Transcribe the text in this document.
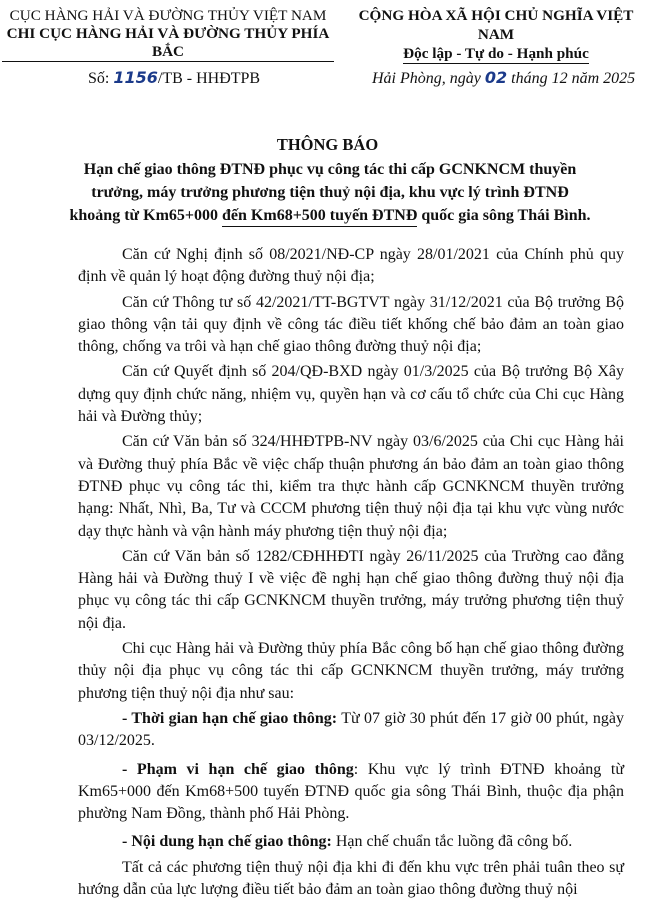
CỤC HÀNG HẢI VÀ ĐƯỜNG THỦY VIỆT NAM
CHI CỤC HÀNG HẢI VÀ ĐƯỜNG THỦY PHÍA BẮC
CỘNG HÒA XÃ HỘI CHỦ NGHĨA VIỆT NAM
Độc lập - Tự do - Hạnh phúc
Số: 1156/TB - HHĐTPB	Hải Phòng, ngày 02 tháng 12 năm 2025
THÔNG BÁO
Hạn chế giao thông ĐTNĐ phục vụ công tác thi cấp GCNKNCM thuyền
trưởng, máy trưởng phương tiện thuỷ nội địa, khu vực lý trình ĐTNĐ
khoảng từ Km65+000 đến Km68+500 tuyến ĐTNĐ quốc gia sông Thái Bình.

Căn cứ Nghị định số 08/2021/NĐ-CP ngày 28/01/2021 của Chính phủ quy định về quản lý hoạt động đường thuỷ nội địa;

Căn cứ Thông tư số 42/2021/TT-BGTVT ngày 31/12/2021 của Bộ trưởng Bộ giao thông vận tải quy định về công tác điều tiết khống chế bảo đảm an toàn giao thông, chống va trôi và hạn chế giao thông đường thuỷ nội địa;

Căn cứ Quyết định số 204/QĐ-BXD ngày 01/3/2025 của Bộ trưởng Bộ Xây dựng quy định chức năng, nhiệm vụ, quyền hạn và cơ cấu tổ chức của Chi cục Hàng hải và Đường thủy;

Căn cứ Văn bản số 324/HHĐTPB-NV ngày 03/6/2025 của Chi cục Hàng hải và Đường thuỷ phía Bắc về việc chấp thuận phương án bảo đảm an toàn giao thông ĐTNĐ phục vụ công tác thi, kiểm tra thực hành cấp GCNKNCM thuyền trưởng hạng: Nhất, Nhì, Ba, Tư và CCCM phương tiện thuỷ nội địa tại khu vực vùng nước dạy thực hành và vận hành máy phương tiện thuỷ nội địa;

Căn cứ Văn bản số 1282/CĐHHĐTI ngày 26/11/2025 của Trường cao đẳng Hàng hải và Đường thuỷ I về việc đề nghị hạn chế giao thông đường thuỷ nội địa phục vụ công tác thi cấp GCNKNCM thuyền trưởng, máy trưởng phương tiện thuỷ nội địa.

Chi cục Hàng hải và Đường thủy phía Bắc công bố hạn chế giao thông đường thủy nội địa phục vụ công tác thi cấp GCNKNCM thuyền trưởng, máy trưởng phương tiện thuỷ nội địa như sau:

- Thời gian hạn chế giao thông: Từ 07 giờ 30 phút đến 17 giờ 00 phút, ngày 03/12/2025.

- Phạm vi hạn chế giao thông: Khu vực lý trình ĐTNĐ khoảng từ Km65+000 đến Km68+500 tuyến ĐTNĐ quốc gia sông Thái Bình, thuộc địa phận phường Nam Đồng, thành phố Hải Phòng.

- Nội dung hạn chế giao thông: Hạn chế chuẩn tắc luồng đã công bố.

Tất cả các phương tiện thuỷ nội địa khi đi đến khu vực trên phải tuân theo sự hướng dẫn của lực lượng điều tiết bảo đảm an toàn giao thông đường thuỷ nội
